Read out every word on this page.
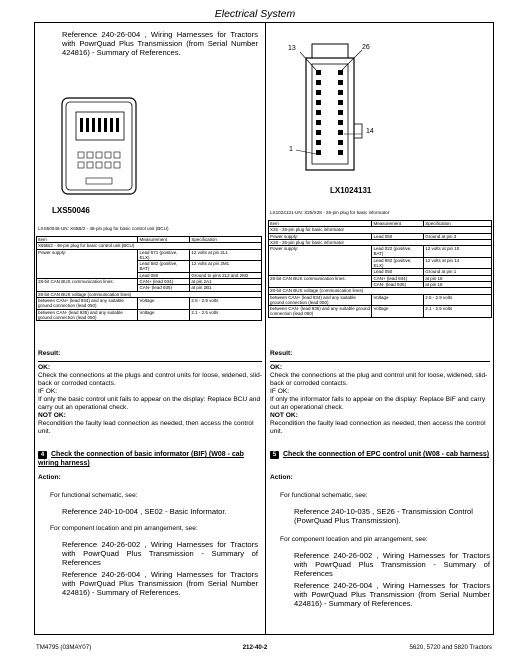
Electrical System
Reference 240-26-004 , Wiring Harnesses for Tractors with PowrQuad Plus Transmission (from Serial Number 424816) - Summary of References.
LXS50046
LXS50046-UN: X65B/2 - 48-pin plug for basic control unit (BCU)
13	26
14
1
LX1024131
LX1024131-UN: X25/X28 - 26-pin plug for basic informator
Item	Measurement	Specification
X65B/2 - 48-pin plug for basic control unit (BCU)		
Power supply:	Lead 571 (positive, ELX)	12 volts at pin 2L1
	Lead 582 (positive, BAT)	12 volts at pin 2M1
	Lead 050	Ground to pins 2L2 and 2M2
28-bit CAN BUS communication lines:	CAN+ (lead 934)	at pin 2A1
	CAN- (lead 935)	at pin 2B1
28-bit CAN BUS voltage (communication lines)		
between CAN+ (lead 934) and any suitable ground connection (lead 050)	Voltage	2.5 - 2.9 volts
between CAN- (lead 935) and any suitable ground connection (lead 050)	Voltage	2.1 - 2.5 volts
Item	Measurement	Specification
X25 - 26-pin plug for basic informator		
Power supply:	Lead 050	Ground at pin 3
X28 - 26-pin plug for basic informator		
Power supply:	Lead 022 (positive, BAT)	12 volts at pin 10
	Lead 882 (positive, ELX)	12 volts at pin 14
	Lead 050	Ground at pin 1
28-bit CAN BUS communication lines:	CAN+ (lead 934)	at pin 18
	CAN- (lead 935)	at pin 18
28-bit CAN BUS voltage (communication lines)		
between CAN+ (lead 934) and any suitable ground connection (lead 050)	Voltage	2.5 - 2.9 volts
between CAN- (lead 935) and any suitable ground connection (lead 050)	Voltage	2.1 - 2.5 volts
Result:
OK:
Check the connections at the plugs and control units for loose, widened, slid-back or corroded contacts.
IF OK:
If only the basic control unit fails to appear on the display: Replace BCU and carry out an operational check.
NOT OK:
Recondition the faulty lead connection as needed, then access the control unit.
Result:
OK:
Check the connections at the plug and control unit for loose, widened, slid-back or corroded contacts.
IF OK:
If only the informator fails to appear on the display: Replace BIF and carry out an operational check.
NOT OK:
Recondition the faulty lead connection as needed, then access the control unit.
4 Check the connection of basic informator (BIF) (W08 - cab wiring harness)
Action:
For functional schematic, see:
Reference 240-10-004 , SE02 - Basic Informator.
For component location and pin arrangement, see:
Reference 240-26-002 , Wiring Harnesses for Tractors with PowrQuad Plus Transmission - Summary of References
Reference 240-26-004 , Wiring Harnesses for Tractors with PowrQuad Plus Transmission (from Serial Number 424816) - Summary of References.
5 Check the connection of EPC control unit (W08 - cab harness)
Action:
For functional schematic, see:
Reference 240-10-035 , SE26 - Transmission Control (PowrQuad Plus Transmission).
For component location and pin arrangement, see:
Reference 240-26-002 , Wiring Harnesses for Tractors with PowrQuad Plus Transmission - Summary of References
Reference 240-26-004 , Wiring Harnesses for Tractors with PowrQuad Plus Transmission (from Serial Number 424816) - Summary of References.
TM4795 (03MAY07)	212-40-2	5620, 5720 and 5820 Tractors
